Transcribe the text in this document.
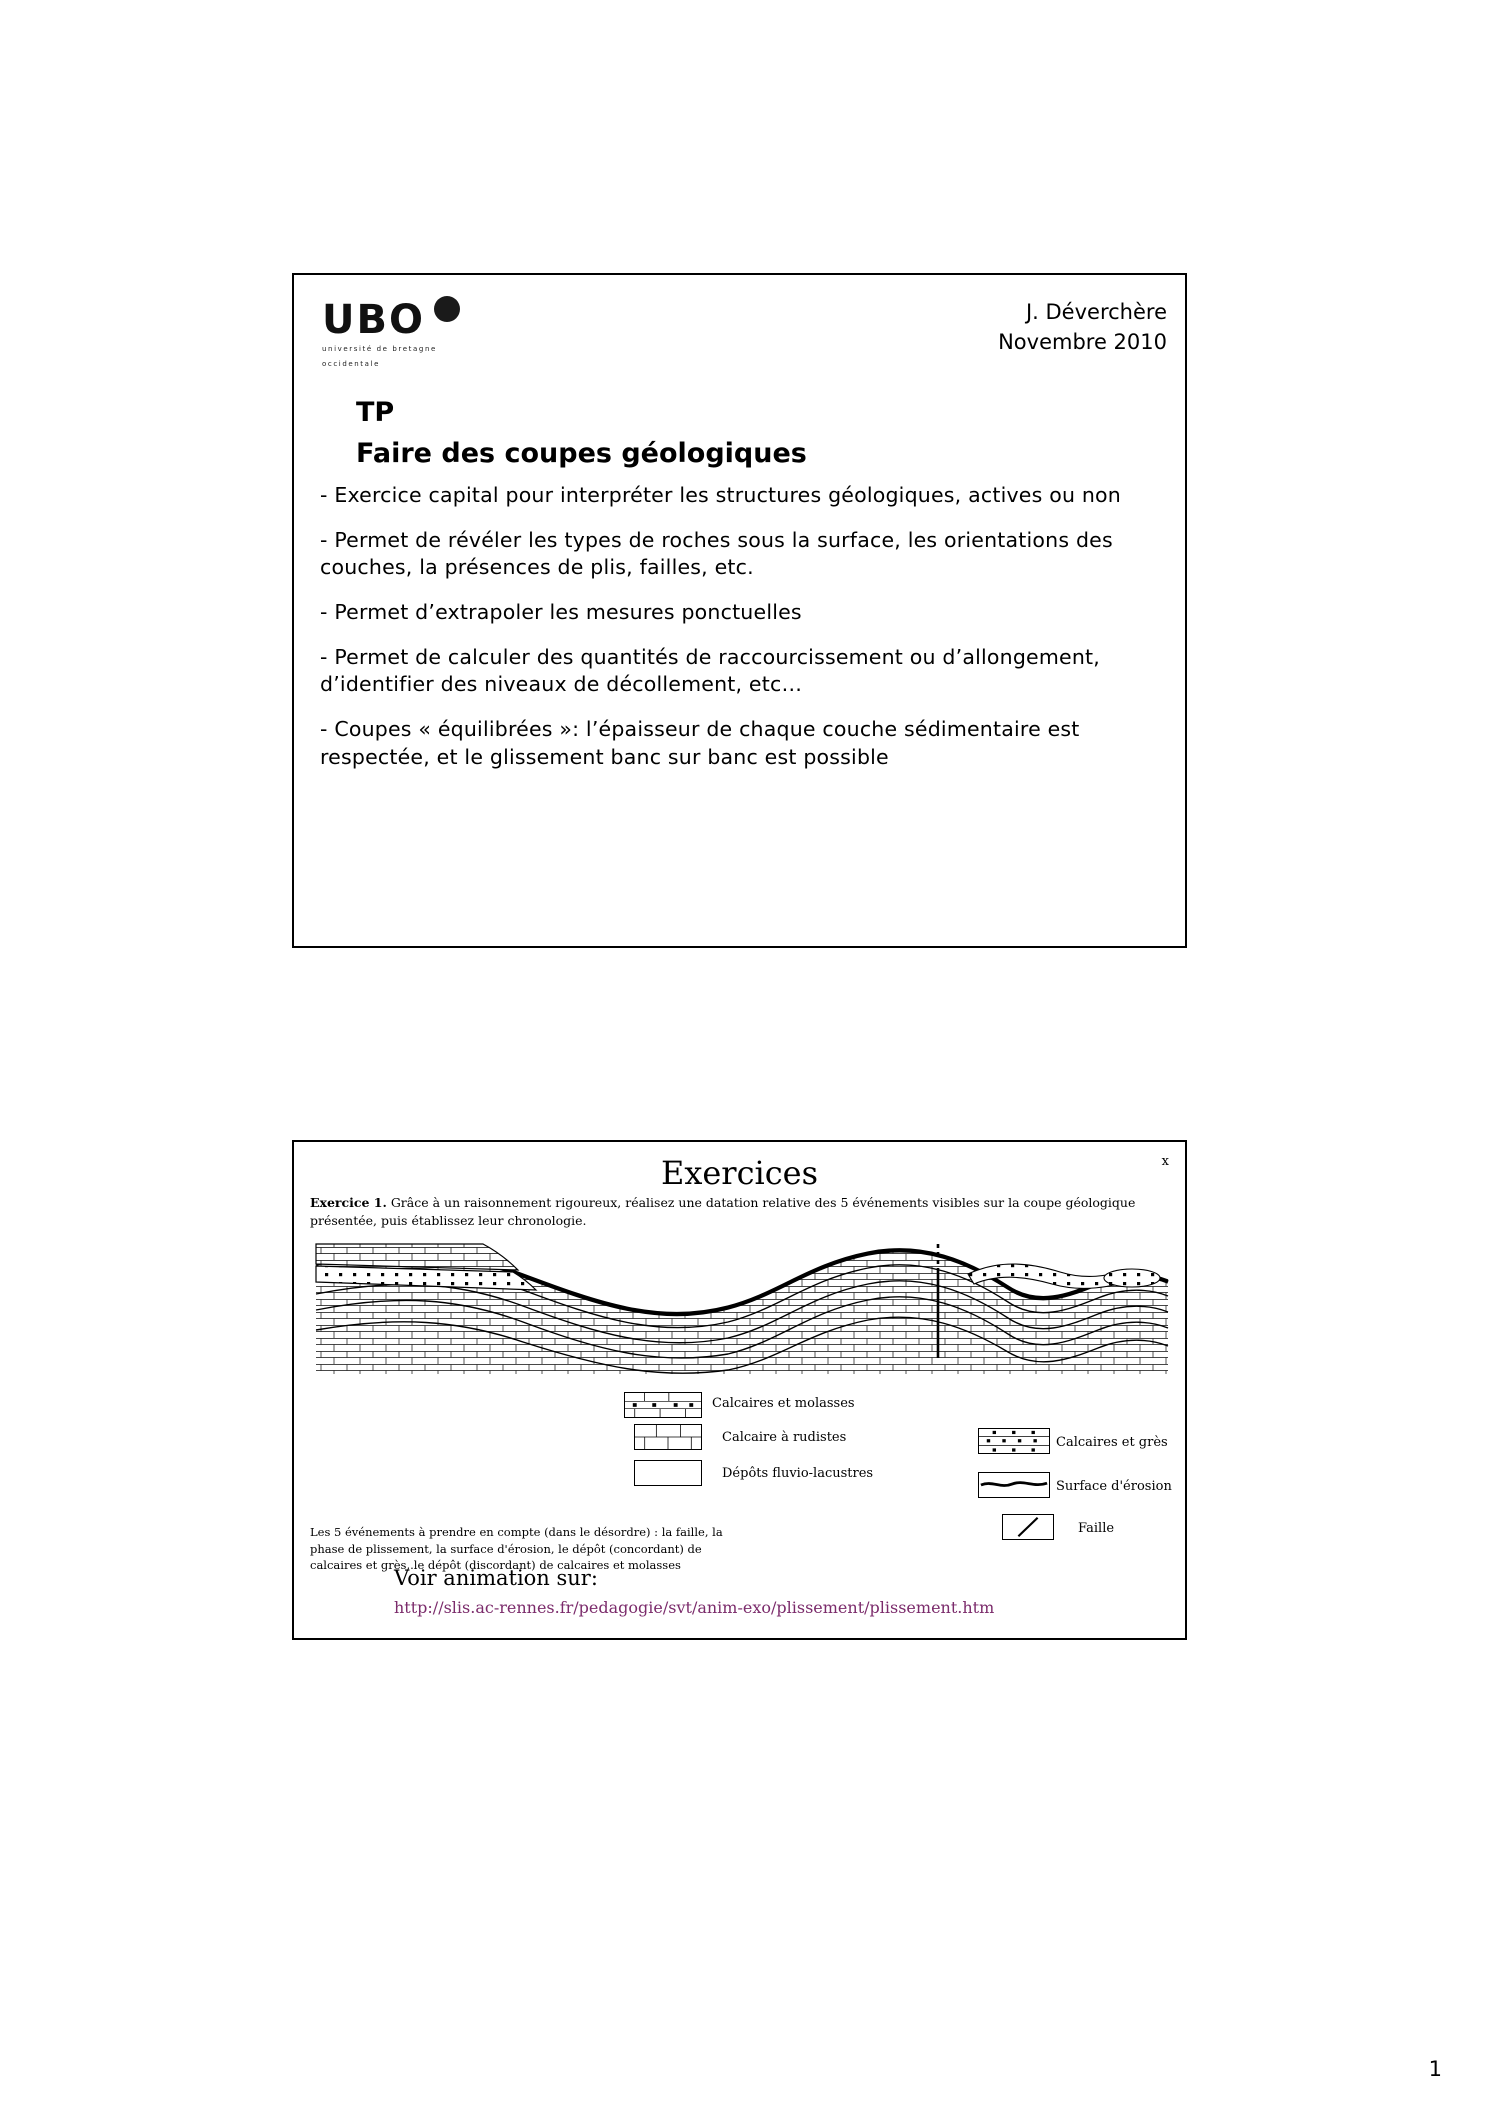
UBO
université de bretagne
occidentale
J. Déverchère
Novembre 2010
TP
Faire des coupes géologiques

- Exercice capital pour interpréter les structures géologiques, actives ou non

- Permet de révéler les types de roches sous la surface, les orientations des couches, la présences de plis, failles, etc.

- Permet d’extrapoler les mesures ponctuelles

- Permet de calculer des quantités de raccourcissement ou d’allongement, d’identifier des niveaux de décollement, etc…

- Coupes « équilibrées »: l’épaisseur de chaque couche sédimentaire est respectée, et le glissement banc sur banc est possible

x
Exercices
Exercice 1. Grâce à un raisonnement rigoureux, réalisez une datation relative des 5 événements visibles sur la coupe géologique présentée, puis établissez leur chronologie.
Calcaires et molasses
Calcaire à rudistes
Dépôts fluvio-lacustres
Calcaires et grès
Surface d'érosion
Faille
Les 5 événements à prendre en compte (dans le désordre) : la faille, la phase de plissement, la surface d'érosion, le dépôt (concordant) de calcaires et grès,.le dépôt (discordant) de calcaires et molasses
Voir animation sur:
http://slis.ac-rennes.fr/pedagogie/svt/anim-exo/plissement/plissement.htm
1
